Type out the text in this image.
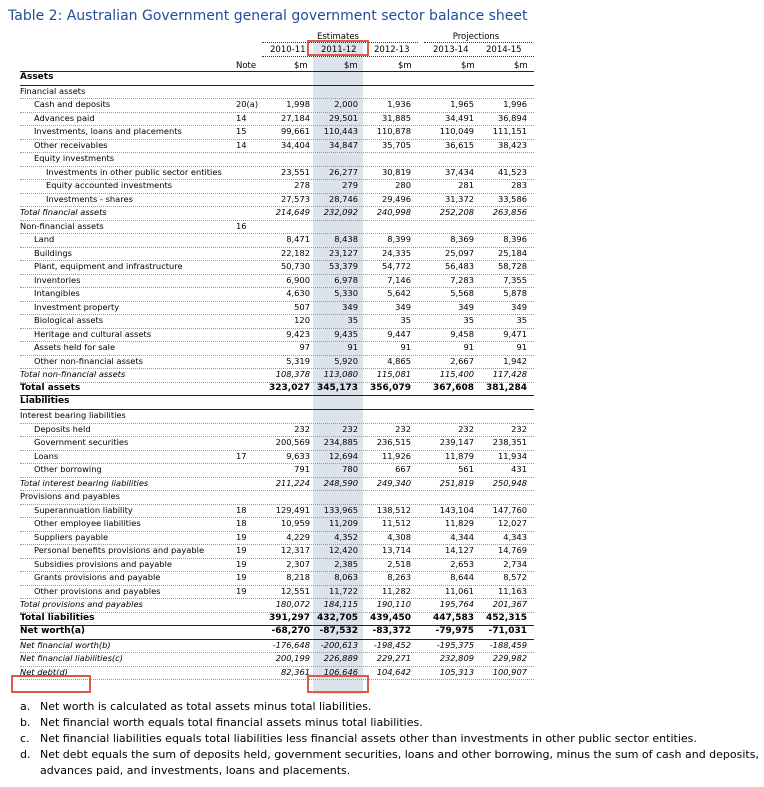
Table 2: Australian Government general government sector balance sheet
Estimates	Projections
2010-11 2011-12 2012-13	2013-14 2014-15
Note	$m	$m	$m	$m	$m
Assets
Financial assets
Cash and deposits	20(a)	1,998	2,000	1,936	1,965	1,996
Advances paid	14	27,184	29,501	31,885	34,491	36,894
Investments, loans and placements	15	99,661	110,443	110,878	110,049	111,151
Other receivables	14	34,404	34,847	35,705	36,615	38,423
Equity investments
Investments in other public sector entities	23,551	26,277	30,819	37,434	41,523
Equity accounted investments	278	279	280	281	283
Investments - shares	27,573	28,746	29,496	31,372	33,586
Total financial assets	214,649	232,092	240,998	252,208	263,856
Non-financial assets	16
Land	8,471	8,438	8,399	8,369	8,396
Buildings	22,182	23,127	24,335	25,097	25,184
Plant, equipment and infrastructure	50,730	53,379	54,772	56,483	58,728
Inventories	6,900	6,978	7,146	7,283	7,355
Intangibles	4,630	5,330	5,642	5,568	5,878
Investment property	507	349	349	349	349
Biological assets	120	35	35	35	35
Heritage and cultural assets	9,423	9,435	9,447	9,458	9,471
Assets held for sale	97	91	91	91	91
Other non-financial assets	5,319	5,920	4,865	2,667	1,942
Total non-financial assets	108,378	113,080	115,081	115,400	117,428
Total assets	323,027 345,173	356,079	367,608	381,284
Liabilities
Interest bearing liabilities
Deposits held	232	232	232	232	232
Government securities	200,569	234,885	236,515	239,147	238,351
Loans	17	9,633	12,694	11,926	11,879	11,934
Other borrowing	791	780	667	561	431
Total interest bearing liabilities	211,224	248,590	249,340	251,819	250,948
Provisions and payables
Superannuation liability	18	129,491	133,965	138,512	143,104	147,760
Other employee liabilities	18	10,959	11,209	11,512	11,829	12,027
Suppliers payable	19	4,229	4,352	4,308	4,344	4,343
Personal benefits provisions and payable	19	12,317	12,420	13,714	14,127	14,769
Subsidies provisions and payable	19	2,307	2,385	2,518	2,653	2,734
Grants provisions and payable	19	8,218	8,063	8,263	8,644	8,572
Other provisions and payables	19	12,551	11,722	11,282	11,061	11,163
Total provisions and payables	180,072	184,115	190,110	195,764	201,367
Total liabilities	391,297 432,705	439,450	447,583	452,315
Net worth(a)	-68,270	-87,532	-83,372	-79,975	-71,031
Net financial worth(b)	-176,648	-200,613	-198,452	-195,375	-188,459
Net financial liabilities(c)	200,199	226,889	229,271	232,809	229,982
Net debt(d)	82,361	106,646	104,642	105,313	100,907
a. Net worth is calculated as total assets minus total liabilities.
b. Net financial worth equals total financial assets minus total liabilities.
c. Net financial liabilities equals total liabilities less financial assets other than investments in other public sector entities.
d. Net debt equals the sum of deposits held, government securities, loans and other borrowing, minus the sum of cash and deposits, advances paid, and investments, loans and placements.
